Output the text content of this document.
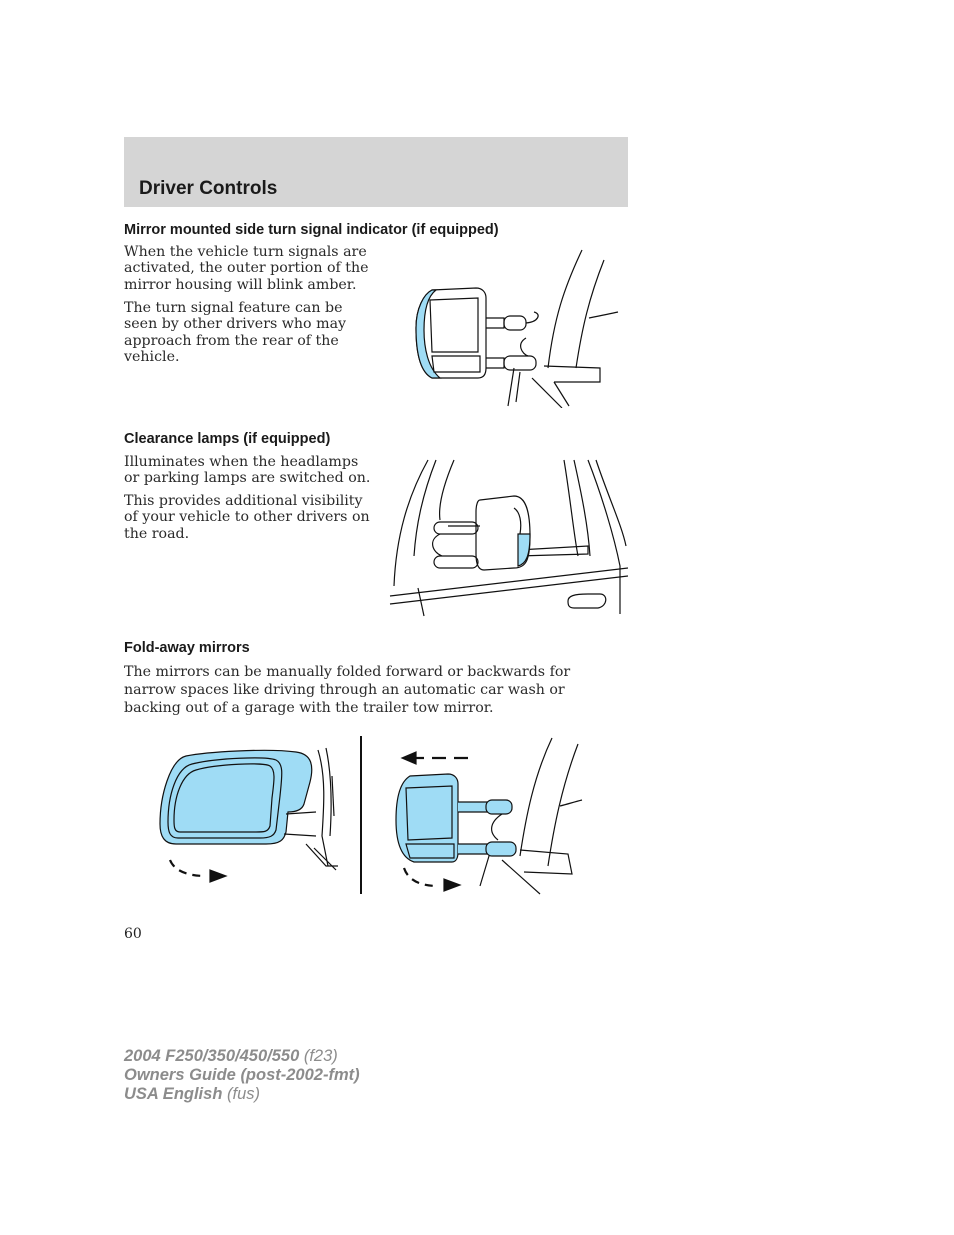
Driver Controls
Mirror mounted side turn signal indicator (if equipped)

When the vehicle turn signals are activated, the outer portion of the mirror housing will blink amber.

The turn signal feature can be seen by other drivers who may approach from the rear of the vehicle.

Clearance lamps (if equipped)

Illuminates when the headlamps or parking lamps are switched on.

This provides additional visibility of your vehicle to other drivers on the road.

Fold-away mirrors

The mirrors can be manually folded forward or backwards for narrow spaces like driving through an automatic car wash or backing out of a garage with the trailer tow mirror.

60
2004 F250/350/450/550 (f23)
Owners Guide (post-2002-fmt)
USA English (fus)
